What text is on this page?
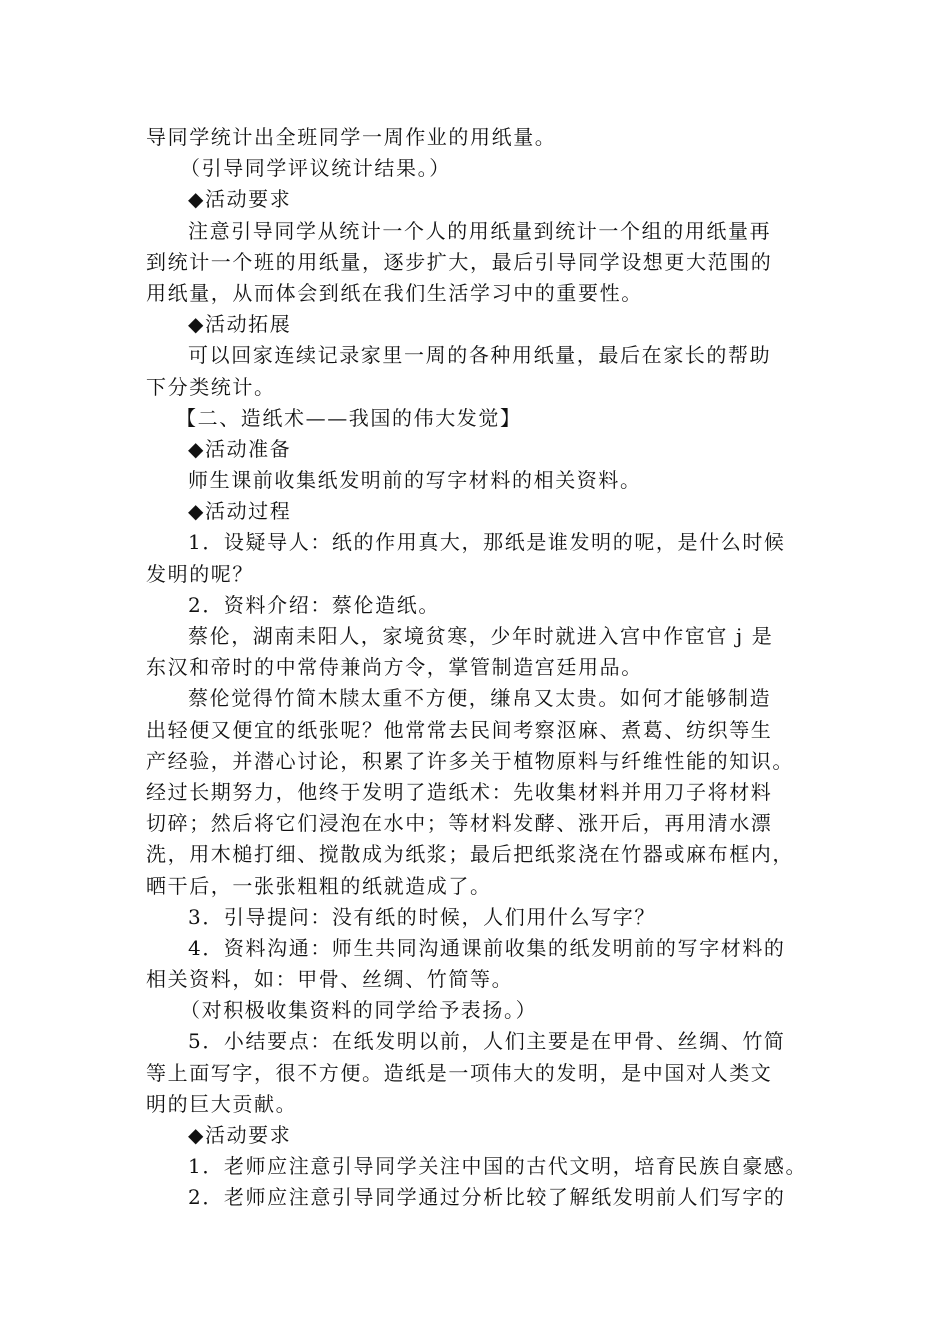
导同学统计出全班同学一周作业的用纸量。
（引导同学评议统计结果。）
◆活动要求
注意引导同学从统计一个人的用纸量到统计一个组的用纸量再
到统计一个班的用纸量，逐步扩大，最后引导同学设想更大范围的
用纸量，从而体会到纸在我们生活学习中的重要性。
◆活动拓展
可以回家连续记录家里一周的各种用纸量，最后在家长的帮助
下分类统计。
【二、造纸术——我国的伟大发觉】
◆活动准备
师生课前收集纸发明前的写字材料的相关资料。
◆活动过程
1．设疑导人：纸的作用真大，那纸是谁发明的呢，是什么时候
发明的呢？
2．资料介绍：蔡伦造纸。
蔡伦，湖南耒阳人，家境贫寒，少年时就进入宫中作宦官 j 是
东汉和帝时的中常侍兼尚方令，掌管制造宫廷用品。
蔡伦觉得竹简木牍太重不方便，缣帛又太贵。如何才能够制造
出轻便又便宜的纸张呢？他常常去民间考察沤麻、煮葛、纺织等生
产经验，并潜心讨论，积累了许多关于植物原料与纤维性能的知识。
经过长期努力，他终于发明了造纸术：先收集材料并用刀子将材料
切碎；然后将它们浸泡在水中；等材料发酵、涨开后，再用清水漂
洗，用木槌打细、搅散成为纸浆；最后把纸浆浇在竹器或麻布框内，
晒干后，一张张粗粗的纸就造成了。
3．引导提问：没有纸的时候，人们用什么写字？
4．资料沟通：师生共同沟通课前收集的纸发明前的写字材料的
相关资料，如：甲骨、丝绸、竹简等。
（对积极收集资料的同学给予表扬。）
5．小结要点：在纸发明以前，人们主要是在甲骨、丝绸、竹简
等上面写字，很不方便。造纸是一项伟大的发明，是中国对人类文
明的巨大贡献。
◆活动要求
1．老师应注意引导同学关注中国的古代文明，培育民族自豪感。
2．老师应注意引导同学通过分析比较了解纸发明前人们写字的
